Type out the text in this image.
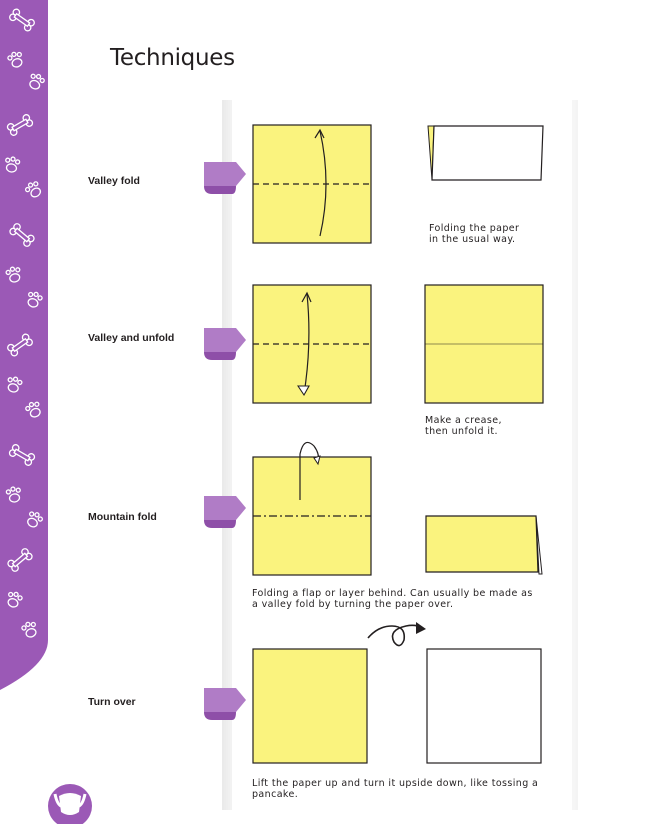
Techniques
Valley fold
Folding the paper
in the usual way.
Valley and unfold
Make a crease,
then unfold it.
Mountain fold
Folding a flap or layer behind. Can usually be made as
a valley fold by turning the paper over.
Turn over
Lift the paper up and turn it upside down, like tossing a
pancake.
14
